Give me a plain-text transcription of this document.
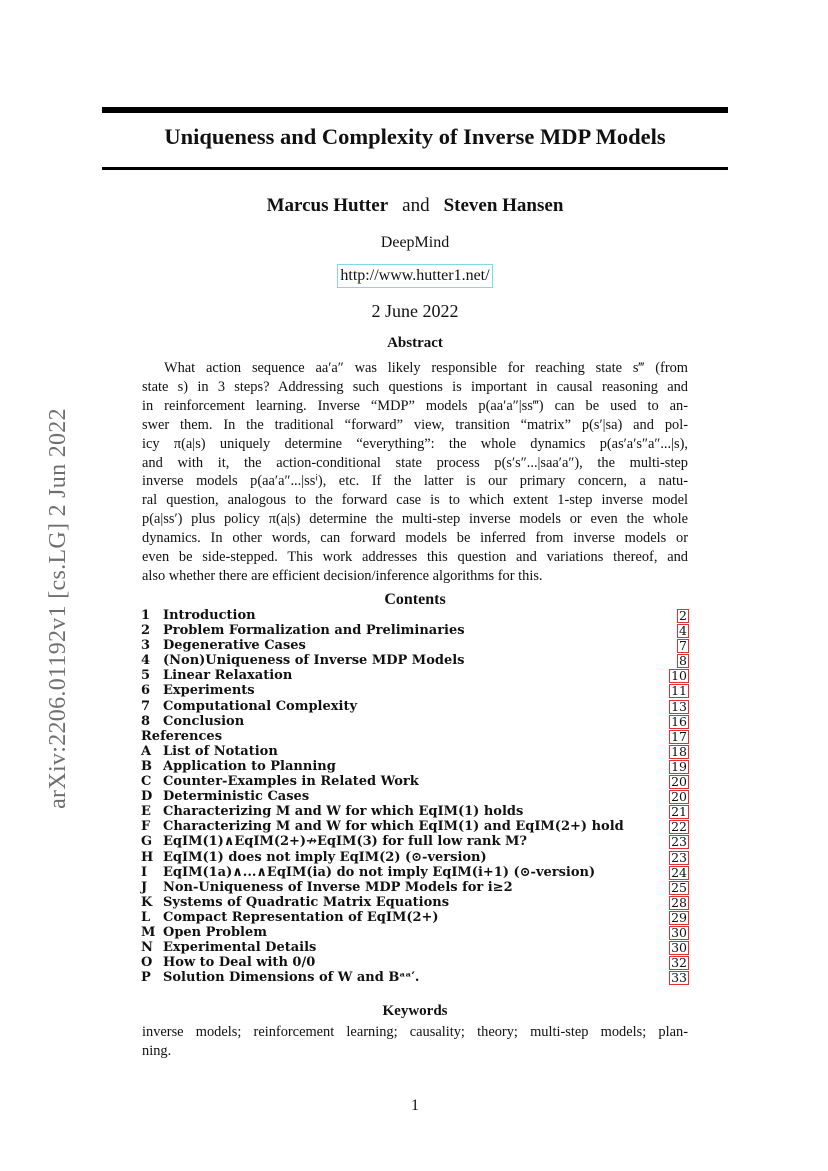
arXiv:2206.01192v1 [cs.LG] 2 Jun 2022
Uniqueness and Complexity of Inverse MDP Models
Marcus Hutter and Steven Hansen
DeepMind
http://www.hutter1.net/
2 June 2022
Abstract
What action sequence aa′a″ was likely responsible for reaching state s‴ (from
state s) in 3 steps? Addressing such questions is important in causal reasoning and
in reinforcement learning. Inverse “MDP” models p(aa′a″|ss‴) can be used to an-
swer them. In the traditional “forward” view, transition “matrix” p(s′|sa) and pol-
icy π(a|s) uniquely determine “everything”: the whole dynamics p(as′a′s″a″...|s),
and with it, the action-conditional state process p(s′s″...|saa′a″), the multi-step
inverse models p(aa′a″...|ssⁱ), etc. If the latter is our primary concern, a natu-
ral question, analogous to the forward case is to which extent 1-step inverse model
p(a|ss′) plus policy π(a|s) determine the multi-step inverse models or even the whole
dynamics. In other words, can forward models be inferred from inverse models or
even be side-stepped. This work addresses this question and variations thereof, and
also whether there are efficient decision/inference algorithms for this.
Contents
1 Introduction	2
2 Problem Formalization and Preliminaries	4
3 Degenerative Cases	7
4 (Non)Uniqueness of Inverse MDP Models	8
5 Linear Relaxation	10
6 Experiments	11
7 Computational Complexity	13
8 Conclusion	16
References	17
A List of Notation	18
B Application to Planning	19
C Counter-Examples in Related Work	20
D Deterministic Cases	20
E Characterizing M and W for which EqIM(1) holds	21
F Characterizing M and W for which EqIM(1) and EqIM(2+) hold	22
G EqIM(1)∧EqIM(2+)↛EqIM(3) for full low rank M?	23
H EqIM(1) does not imply EqIM(2) (⊙-version)	23
I	EqIM(1a)∧...∧EqIM(ia) do not imply EqIM(i+1) (⊙-version)	24
J	Non-Uniqueness of Inverse MDP Models for i≥2	25
K Systems of Quadratic Matrix Equations	28
L Compact Representation of EqIM(2+)	29
M Open Problem	30
N Experimental Details	30
O How to Deal with 0/0	32
P Solution Dimensions of W and Bᵃᵃ′.	33
Keywords
inverse models; reinforcement learning; causality; theory; multi-step models; plan-
ning.
1
